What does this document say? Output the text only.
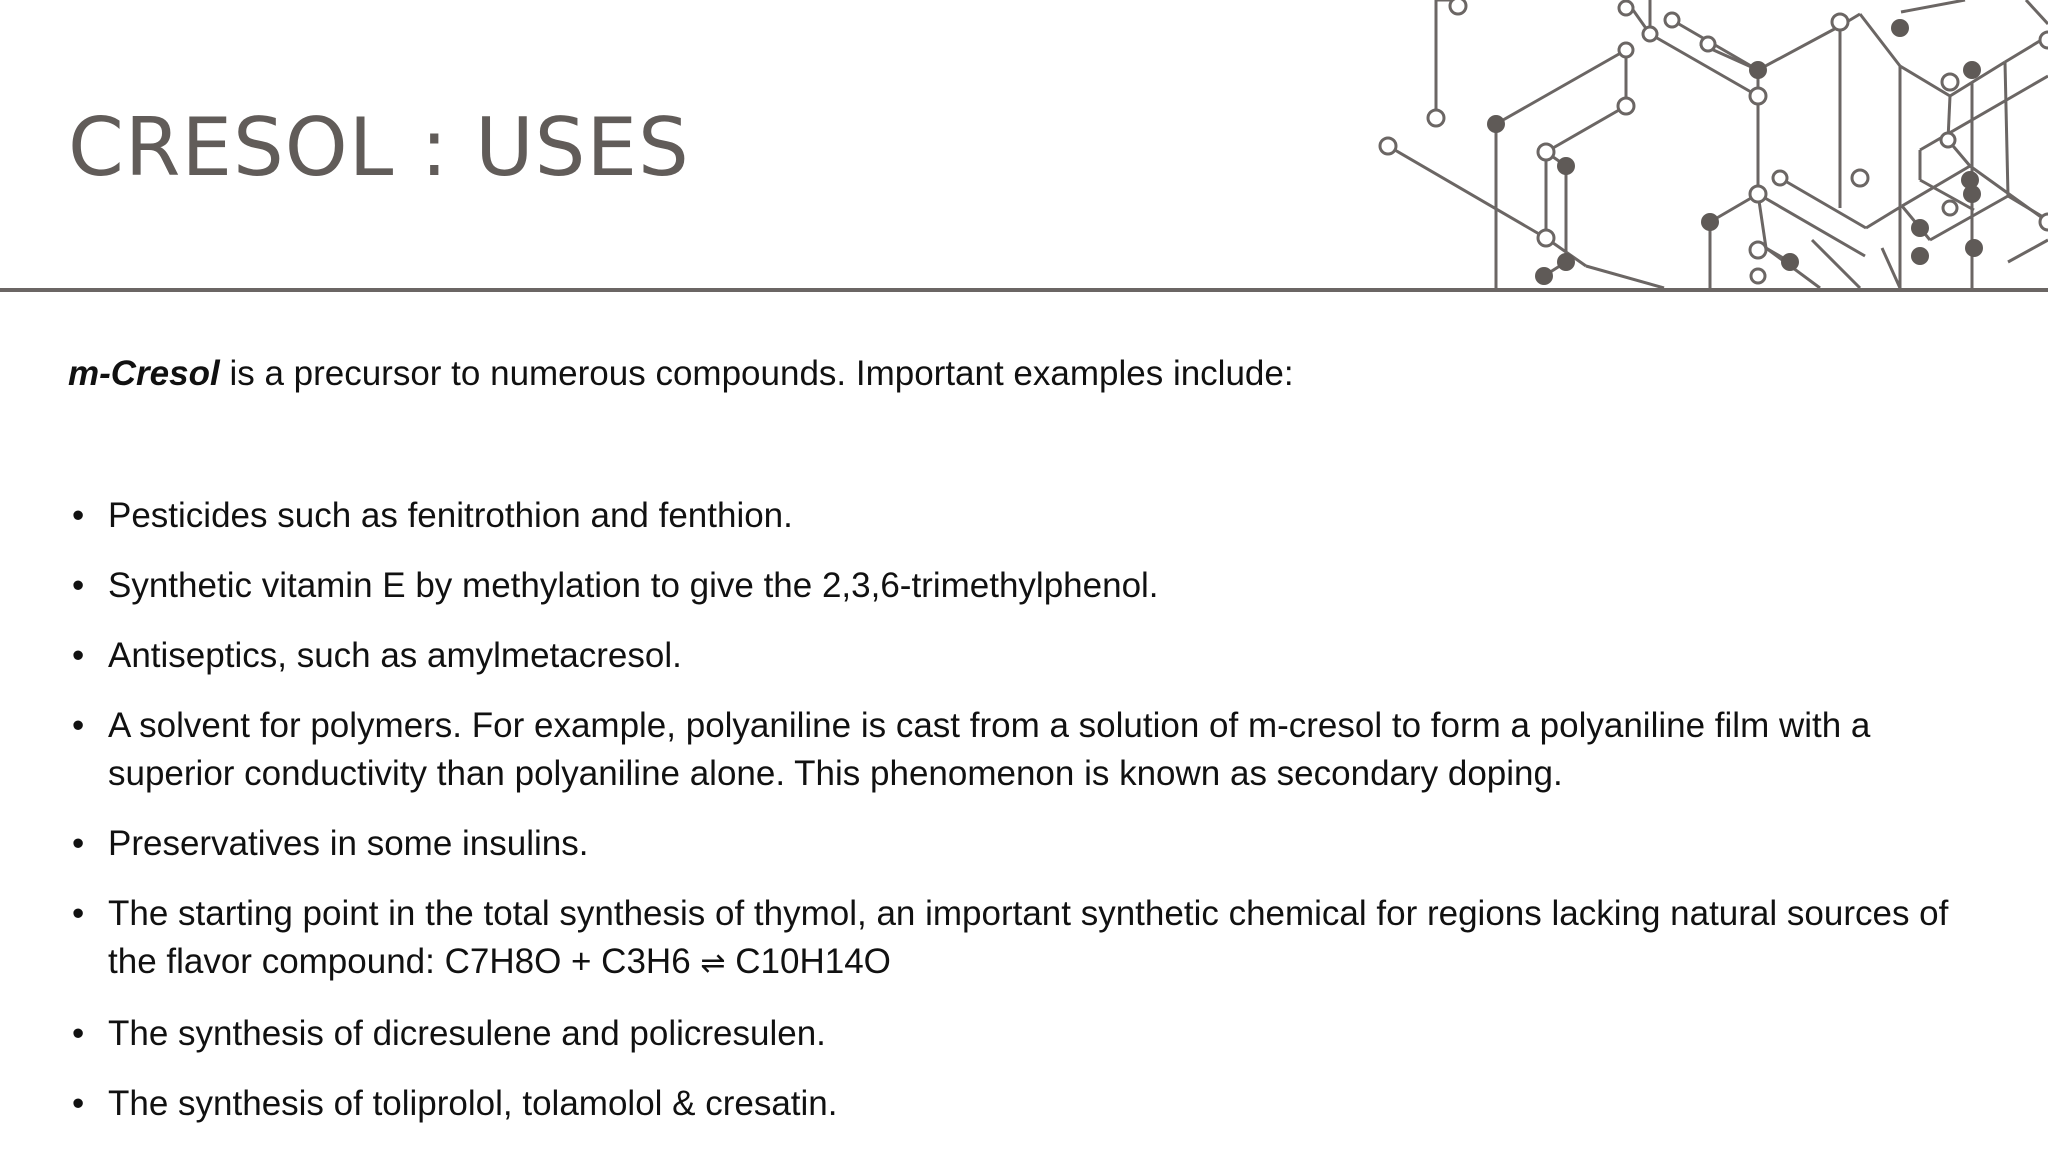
CRESOL : USES

m-Cresol is a precursor to numerous compounds. Important examples include:

• Pesticides such as fenitrothion and fenthion.
• Synthetic vitamin E by methylation to give the 2,3,6-trimethylphenol.
• Antiseptics, such as amylmetacresol.
• A solvent for polymers. For example, polyaniline is cast from a solution of m-cresol to form a polyaniline film with a superior conductivity than polyaniline alone. This phenomenon is known as secondary doping.
• Preservatives in some insulins.
• The starting point in the total synthesis of thymol, an important synthetic chemical for regions lacking natural sources of the flavor compound: C7H8O + C3H6 ⇌ C10H14O
• The synthesis of dicresulene and policresulen.
• The synthesis of toliprolol, tolamolol & cresatin.
